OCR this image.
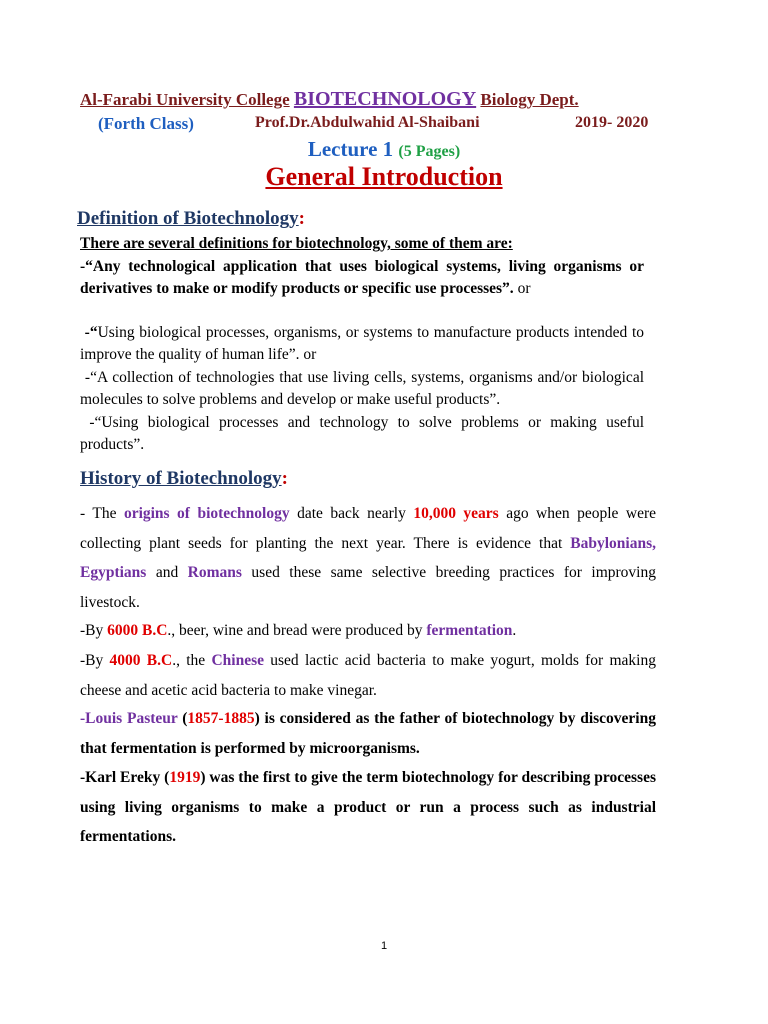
Al-Farabi University College BIOTECHNOLOGY Biology Dept.
(Forth Class)	Prof.Dr.Abdulwahid Al-Shaibani	2019- 2020
Lecture 1 (5 Pages)
General Introduction
Definition of Biotechnology:
There are several definitions for biotechnology, some of them are:
-“Any technological application that uses biological systems, living organisms or derivatives to make or modify products or specific use processes”. or
-“Using biological processes, organisms, or systems to manufacture products intended to improve the quality of human life”. or
-“A collection of technologies that use living cells, systems, organisms and/or biological molecules to solve problems and develop or make useful products”.
-“Using biological processes and technology to solve problems or making useful products”.
History of Biotechnology:
- The origins of biotechnology date back nearly 10,000 years ago when people were collecting plant seeds for planting the next year. There is evidence that Babylonians, Egyptians and Romans used these same selective breeding practices for improving livestock.
-By 6000 B.C., beer, wine and bread were produced by fermentation.
-By 4000 B.C., the Chinese used lactic acid bacteria to make yogurt, molds for making cheese and acetic acid bacteria to make vinegar.
-Louis Pasteur (1857-1885) is considered as the father of biotechnology by discovering that fermentation is performed by microorganisms.
-Karl Ereky (1919) was the first to give the term biotechnology for describing processes using living organisms to make a product or run a process such as industrial fermentations.
1
